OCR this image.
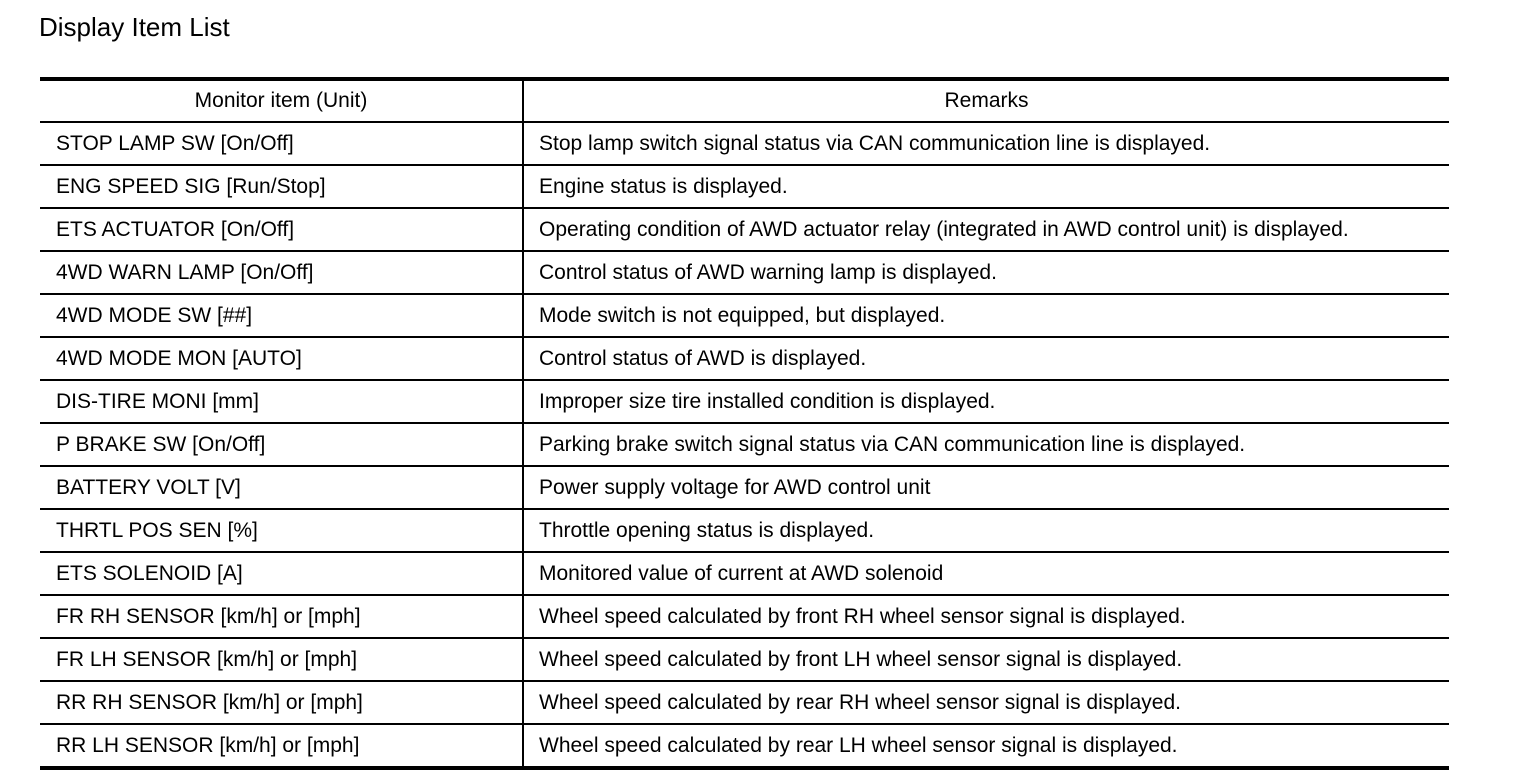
Display Item List
Monitor item (Unit)	Remarks
STOP LAMP SW [On/Off]	Stop lamp switch signal status via CAN communication line is displayed.
ENG SPEED SIG [Run/Stop]	Engine status is displayed.
ETS ACTUATOR [On/Off]	Operating condition of AWD actuator relay (integrated in AWD control unit) is displayed.
4WD WARN LAMP [On/Off]	Control status of AWD warning lamp is displayed.
4WD MODE SW [##]	Mode switch is not equipped, but displayed.
4WD MODE MON [AUTO]	Control status of AWD is displayed.
DIS-TIRE MONI [mm]	Improper size tire installed condition is displayed.
P BRAKE SW [On/Off]	Parking brake switch signal status via CAN communication line is displayed.
BATTERY VOLT [V]	Power supply voltage for AWD control unit
THRTL POS SEN [%]	Throttle opening status is displayed.
ETS SOLENOID [A]	Monitored value of current at AWD solenoid
FR RH SENSOR [km/h] or [mph]	Wheel speed calculated by front RH wheel sensor signal is displayed.
FR LH SENSOR [km/h] or [mph]	Wheel speed calculated by front LH wheel sensor signal is displayed.
RR RH SENSOR [km/h] or [mph]	Wheel speed calculated by rear RH wheel sensor signal is displayed.
RR LH SENSOR [km/h] or [mph]	Wheel speed calculated by rear LH wheel sensor signal is displayed.
